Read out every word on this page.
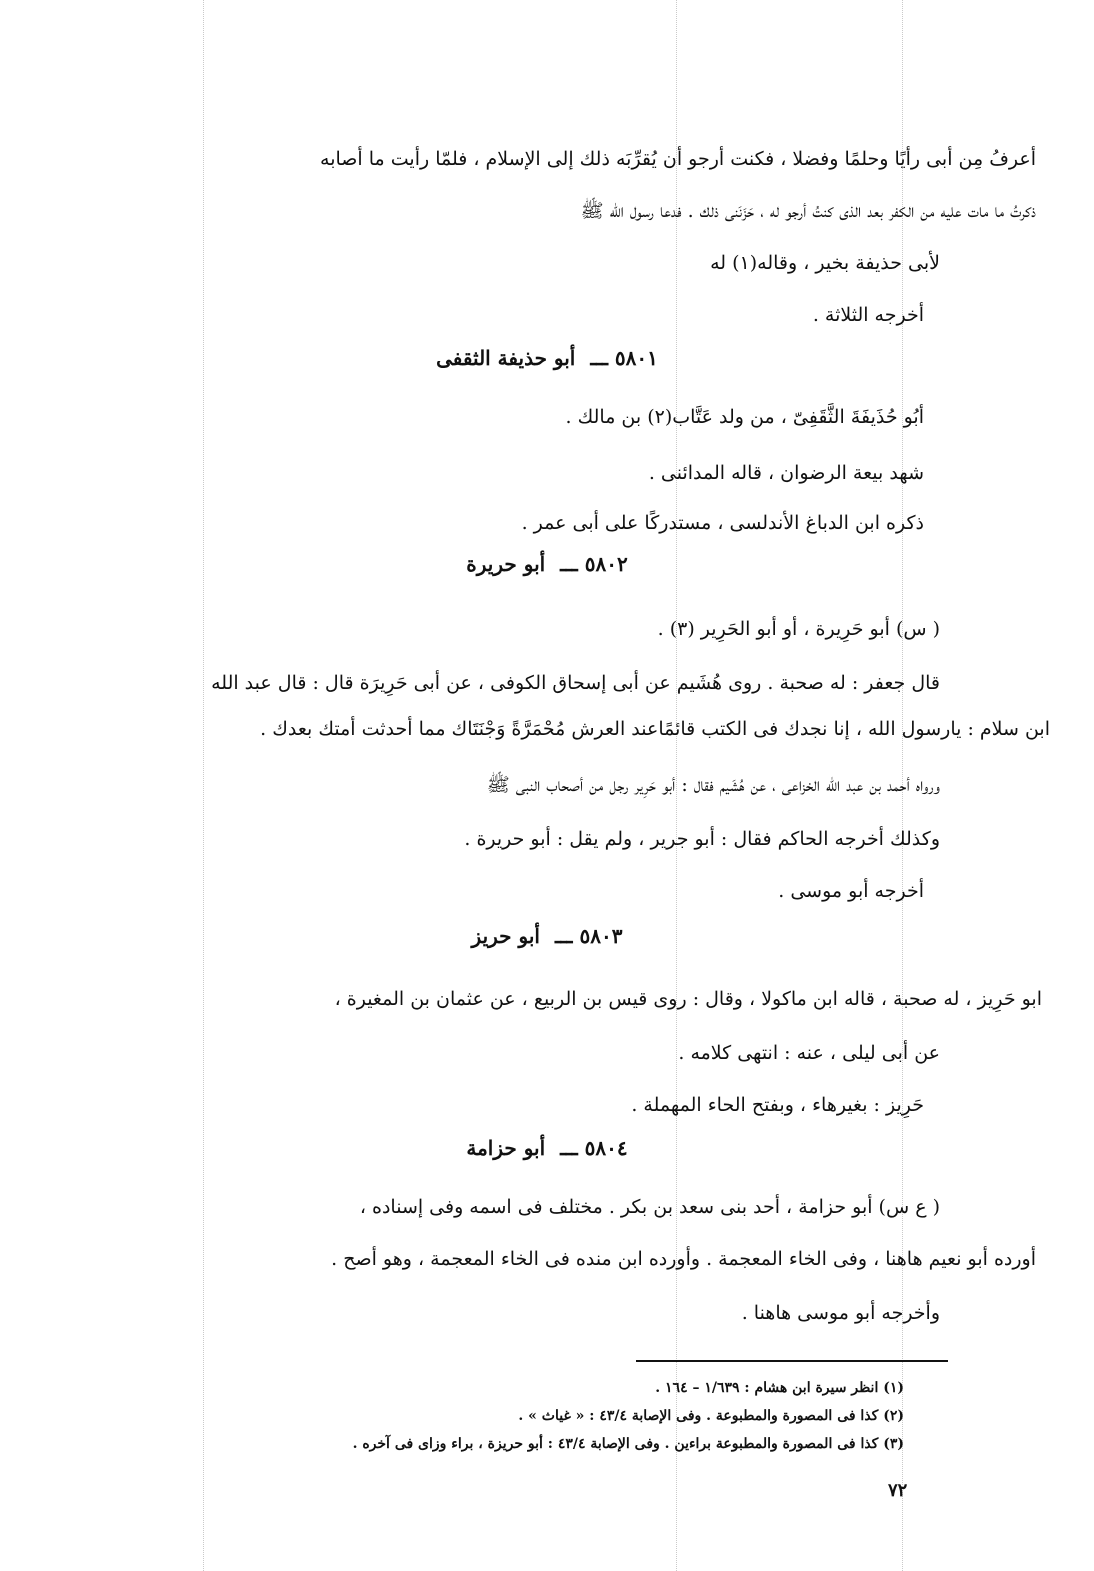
أعرفُ مِن أبى رأيًا وحلمًا وفضلا ، فكنت أرجو أن يُقرِّبَه ذلك إلى الإسلام ، فلمّا رأيت ما أصابه
ذكرتُ ما مات عليه من الكفر بعد الذى كنتُ أرجو له ، حَزَنَنى ذلك . فدعا رسول الله ﷺ
لأبى حذيفة بخير ، وقاله(١) له
أخرجه الثلاثة .
٥٨٠١ ـــ أبو حذيفة الثقفى
أبُو حُذَيفَةَ الثَّقَفِىّ ، من ولد عَتَّاب(٢) بن مالك .
شهد بيعة الرضوان ، قاله المدائنى .
ذكره ابن الدباغ الأندلسى ، مستدركًا على أبى عمر .
٥٨٠٢ ـــ أبو حريرة
( س) أبو حَرِيرة ، أو أبو الحَرِير (٣) .
قال جعفر : له صحبة . روى هُشَيم عن أبى إسحاق الكوفى ، عن أبى حَرِيرَة قال : قال عبد الله
ابن سلام : يارسول الله ، إنا نجدك فى الكتب قائمًاعند العرش مُحْمَرَّةً وَجْنَتَاك مما أحدثت أمتك بعدك .
ورواه أحمد بن عبد الله الخزاعى ، عن هُشَيم فقال : أبو حَرِير رجل من أصحاب النبى ﷺ
وكذلك أخرجه الحاكم فقال : أبو جرير ، ولم يقل : أبو حريرة .
أخرجه أبو موسى .
٥٨٠٣ ـــ أبو حريز
ابو حَرِيز ، له صحبة ، قاله ابن ماكولا ، وقال : روى قيس بن الربيع ، عن عثمان بن المغيرة ،
عن أبى ليلى ، عنه : انتهى كلامه .
حَرِيز : بغيرهاء ، وبفتح الحاء المهملة .
٥٨٠٤ ـــ أبو حزامة
( ع س) أبو حزامة ، أحد بنى سعد بن بكر . مختلف فى اسمه وفى إسناده ،
أورده أبو نعيم هاهنا ، وفى الخاء المعجمة . وأورده ابن منده فى الخاء المعجمة ، وهو أصح .
وأخرجه أبو موسى هاهنا .
(١) انظر سيرة ابن هشام : ١/٦٣٩ – ١٦٤ .
(٢) كذا فى المصورة والمطبوعة . وفى الإصابة ٤٣/٤ : « غياث » .
(٣) كذا فى المصورة والمطبوعة براءين . وفى الإصابة ٤٣/٤ : أبو حريزة ، براء وزاى فى آخره .
٧٢
